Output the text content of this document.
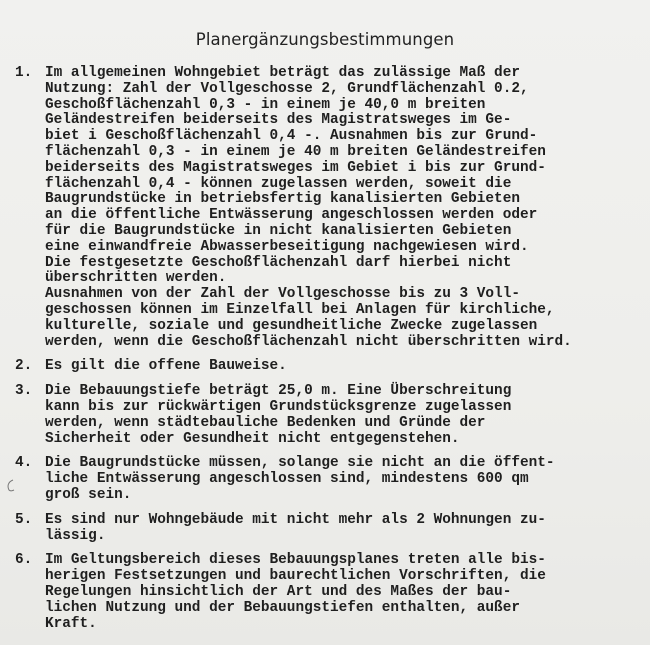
Planergänzungsbestimmungen
1. Im allgemeinen Wohngebiet beträgt das zulässige Maß der
Nutzung: Zahl der Vollgeschosse 2, Grundflächenzahl 0.2,
Geschoßflächenzahl 0,3 - in einem je 40,0 m breiten
Geländestreifen beiderseits des Magistratsweges im Ge-
biet i Geschoßflächenzahl 0,4 -. Ausnahmen bis zur Grund-
flächenzahl 0,3 - in einem je 40 m breiten Geländestreifen
beiderseits des Magistratsweges im Gebiet i bis zur Grund-
flächenzahl 0,4 - können zugelassen werden, soweit die
Baugrundstücke in betriebsfertig kanalisierten Gebieten
an die öffentliche Entwässerung angeschlossen werden oder
für die Baugrundstücke in nicht kanalisierten Gebieten
eine einwandfreie Abwasserbeseitigung nachgewiesen wird.
Die festgesetzte Geschoßflächenzahl darf hierbei nicht
überschritten werden.
Ausnahmen von der Zahl der Vollgeschosse bis zu 3 Voll-
geschossen können im Einzelfall bei Anlagen für kirchliche,
kulturelle, soziale und gesundheitliche Zwecke zugelassen
werden, wenn die Geschoßflächenzahl nicht überschritten wird.
2. Es gilt die offene Bauweise.
3. Die Bebauungstiefe beträgt 25,0 m. Eine Überschreitung
kann bis zur rückwärtigen Grundstücksgrenze zugelassen
werden, wenn städtebauliche Bedenken und Gründe der
Sicherheit oder Gesundheit nicht entgegenstehen.
4. Die Baugrundstücke müssen, solange sie nicht an die öffent-
liche Entwässerung angeschlossen sind, mindestens 600 qm
groß sein.
5. Es sind nur Wohngebäude mit nicht mehr als 2 Wohnungen zu-
lässig.
6. Im Geltungsbereich dieses Bebauungsplanes treten alle bis-
herigen Festsetzungen und baurechtlichen Vorschriften, die
Regelungen hinsichtlich der Art und des Maßes der bau-
lichen Nutzung und der Bebauungstiefen enthalten, außer
Kraft.
